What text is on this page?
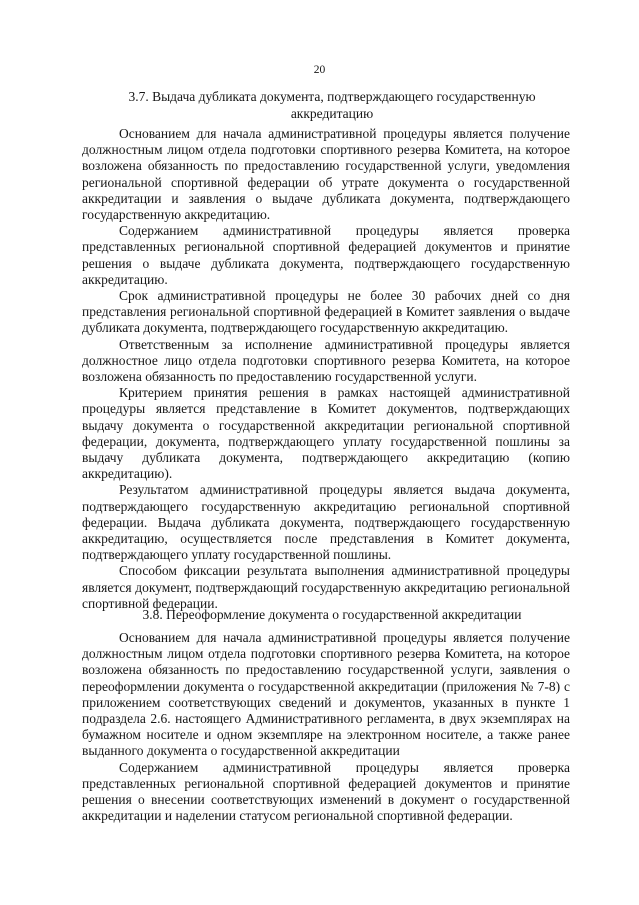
20
3.7. Выдача дубликата документа, подтверждающего государственную аккредитацию

Основанием для начала административной процедуры является получение должностным лицом отдела подготовки спортивного резерва Комитета, на которое возложена обязанность по предоставлению государственной услуги, уведомления региональной спортивной федерации об утрате документа о государственной аккредитации и заявления о выдаче дубликата документа, подтверждающего государственную аккредитацию.

Содержанием административной процедуры является проверка представленных региональной спортивной федерацией документов и принятие решения о выдаче дубликата документа, подтверждающего государственную аккредитацию.

Срок административной процедуры не более 30 рабочих дней со дня представления региональной спортивной федерацией в Комитет заявления о выдаче дубликата документа, подтверждающего государственную аккредитацию.

Ответственным за исполнение административной процедуры является должностное лицо отдела подготовки спортивного резерва Комитета, на которое возложена обязанность по предоставлению государственной услуги.

Критерием принятия решения в рамках настоящей административной процедуры является представление в Комитет документов, подтверждающих выдачу документа о государственной аккредитации региональной спортивной федерации, документа, подтверждающего уплату государственной пошлины за выдачу дубликата документа, подтверждающего аккредитацию (копию аккредитацию).

Результатом административной процедуры является выдача документа, подтверждающего государственную аккредитацию региональной спортивной федерации. Выдача дубликата документа, подтверждающего государственную аккредитацию, осуществляется после представления в Комитет документа, подтверждающего уплату государственной пошлины.

Способом фиксации результата выполнения административной процедуры является документ, подтверждающий государственную аккредитацию региональной спортивной федерации.

3.8. Переоформление документа о государственной аккредитации

Основанием для начала административной процедуры является получение должностным лицом отдела подготовки спортивного резерва Комитета, на которое возложена обязанность по предоставлению государственной услуги, заявления о переоформлении документа о государственной аккредитации (приложения № 7-8) с приложением соответствующих сведений и документов, указанных в пункте 1 подраздела 2.6. настоящего Административного регламента, в двух экземплярах на бумажном носителе и одном экземпляре на электронном носителе, а также ранее выданного документа о государственной аккредитации

Содержанием административной процедуры является проверка представленных региональной спортивной федерацией документов и принятие решения о внесении соответствующих изменений в документ о государственной аккредитации и наделении статусом региональной спортивной федерации.
